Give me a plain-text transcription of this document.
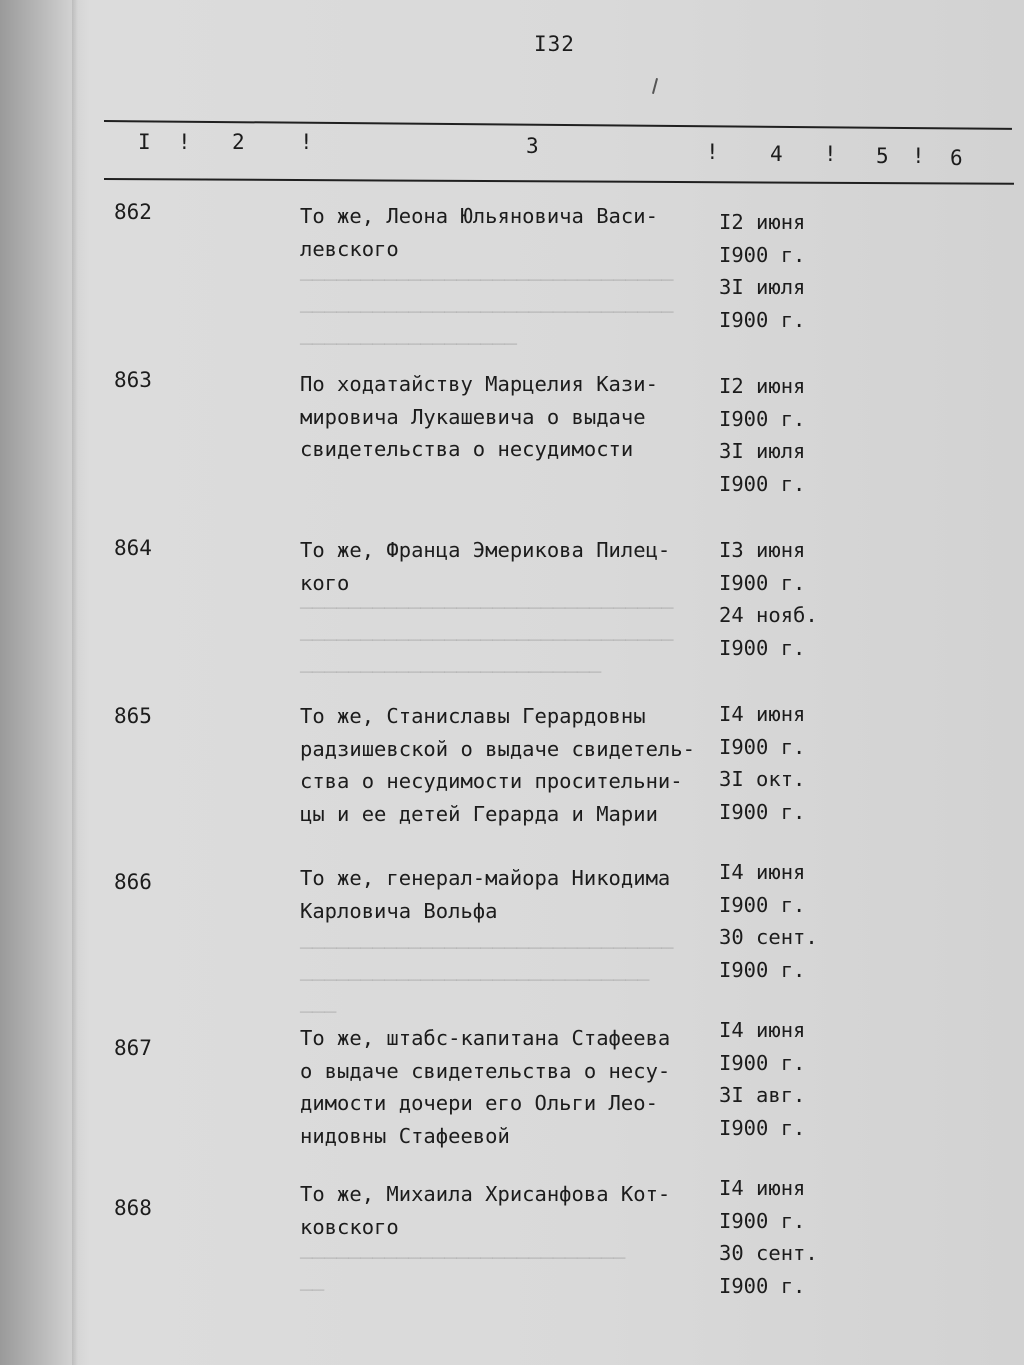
───────────────────────────────
───────────────────────────────
──────────────────

───────────────────────────────
───────────────────────────────
─────────────────────────

───────────────────────────────
─────────────────────────────
───

───────────────────────────
──

I32
I ! 2	!	3	! 4 ! 5 ! 6
862	То же, Леона Юльяновича Васи-
левского
I2 июня
I900 г.
3I июля
I900 г.
863	По ходатайству Марцелия Кази-
мировича Лукашевича о выдаче
свидетельства о несудимости
I2 июня
I900 г.
3I июля
I900 г.
864	То же, Франца Эмерикова Пилец-
кого
I3 июня
I900 г.
24 нояб.
I900 г.
865	То же, Станиславы Герардовны
радзишевской о выдаче свидетель-
ства о несудимости просительни-
цы и ее детей Герарда и Марии
I4 июня
I900 г.
3I окт.
I900 г.
866	То же, генерал-майора Никодима
Карловича Вольфа
I4 июня
I900 г.
30 сент.
I900 г.
867	То же, штабс-капитана Стафеева
о выдаче свидетельства о несу-
димости дочери его Ольги Лео-
нидовны Стафеевой
I4 июня
I900 г.
3I авг.
I900 г.
868
То же, Михаила Хрисанфова Кот-
ковского
I4 июня
I900 г.
30 сент.
I900 г.
